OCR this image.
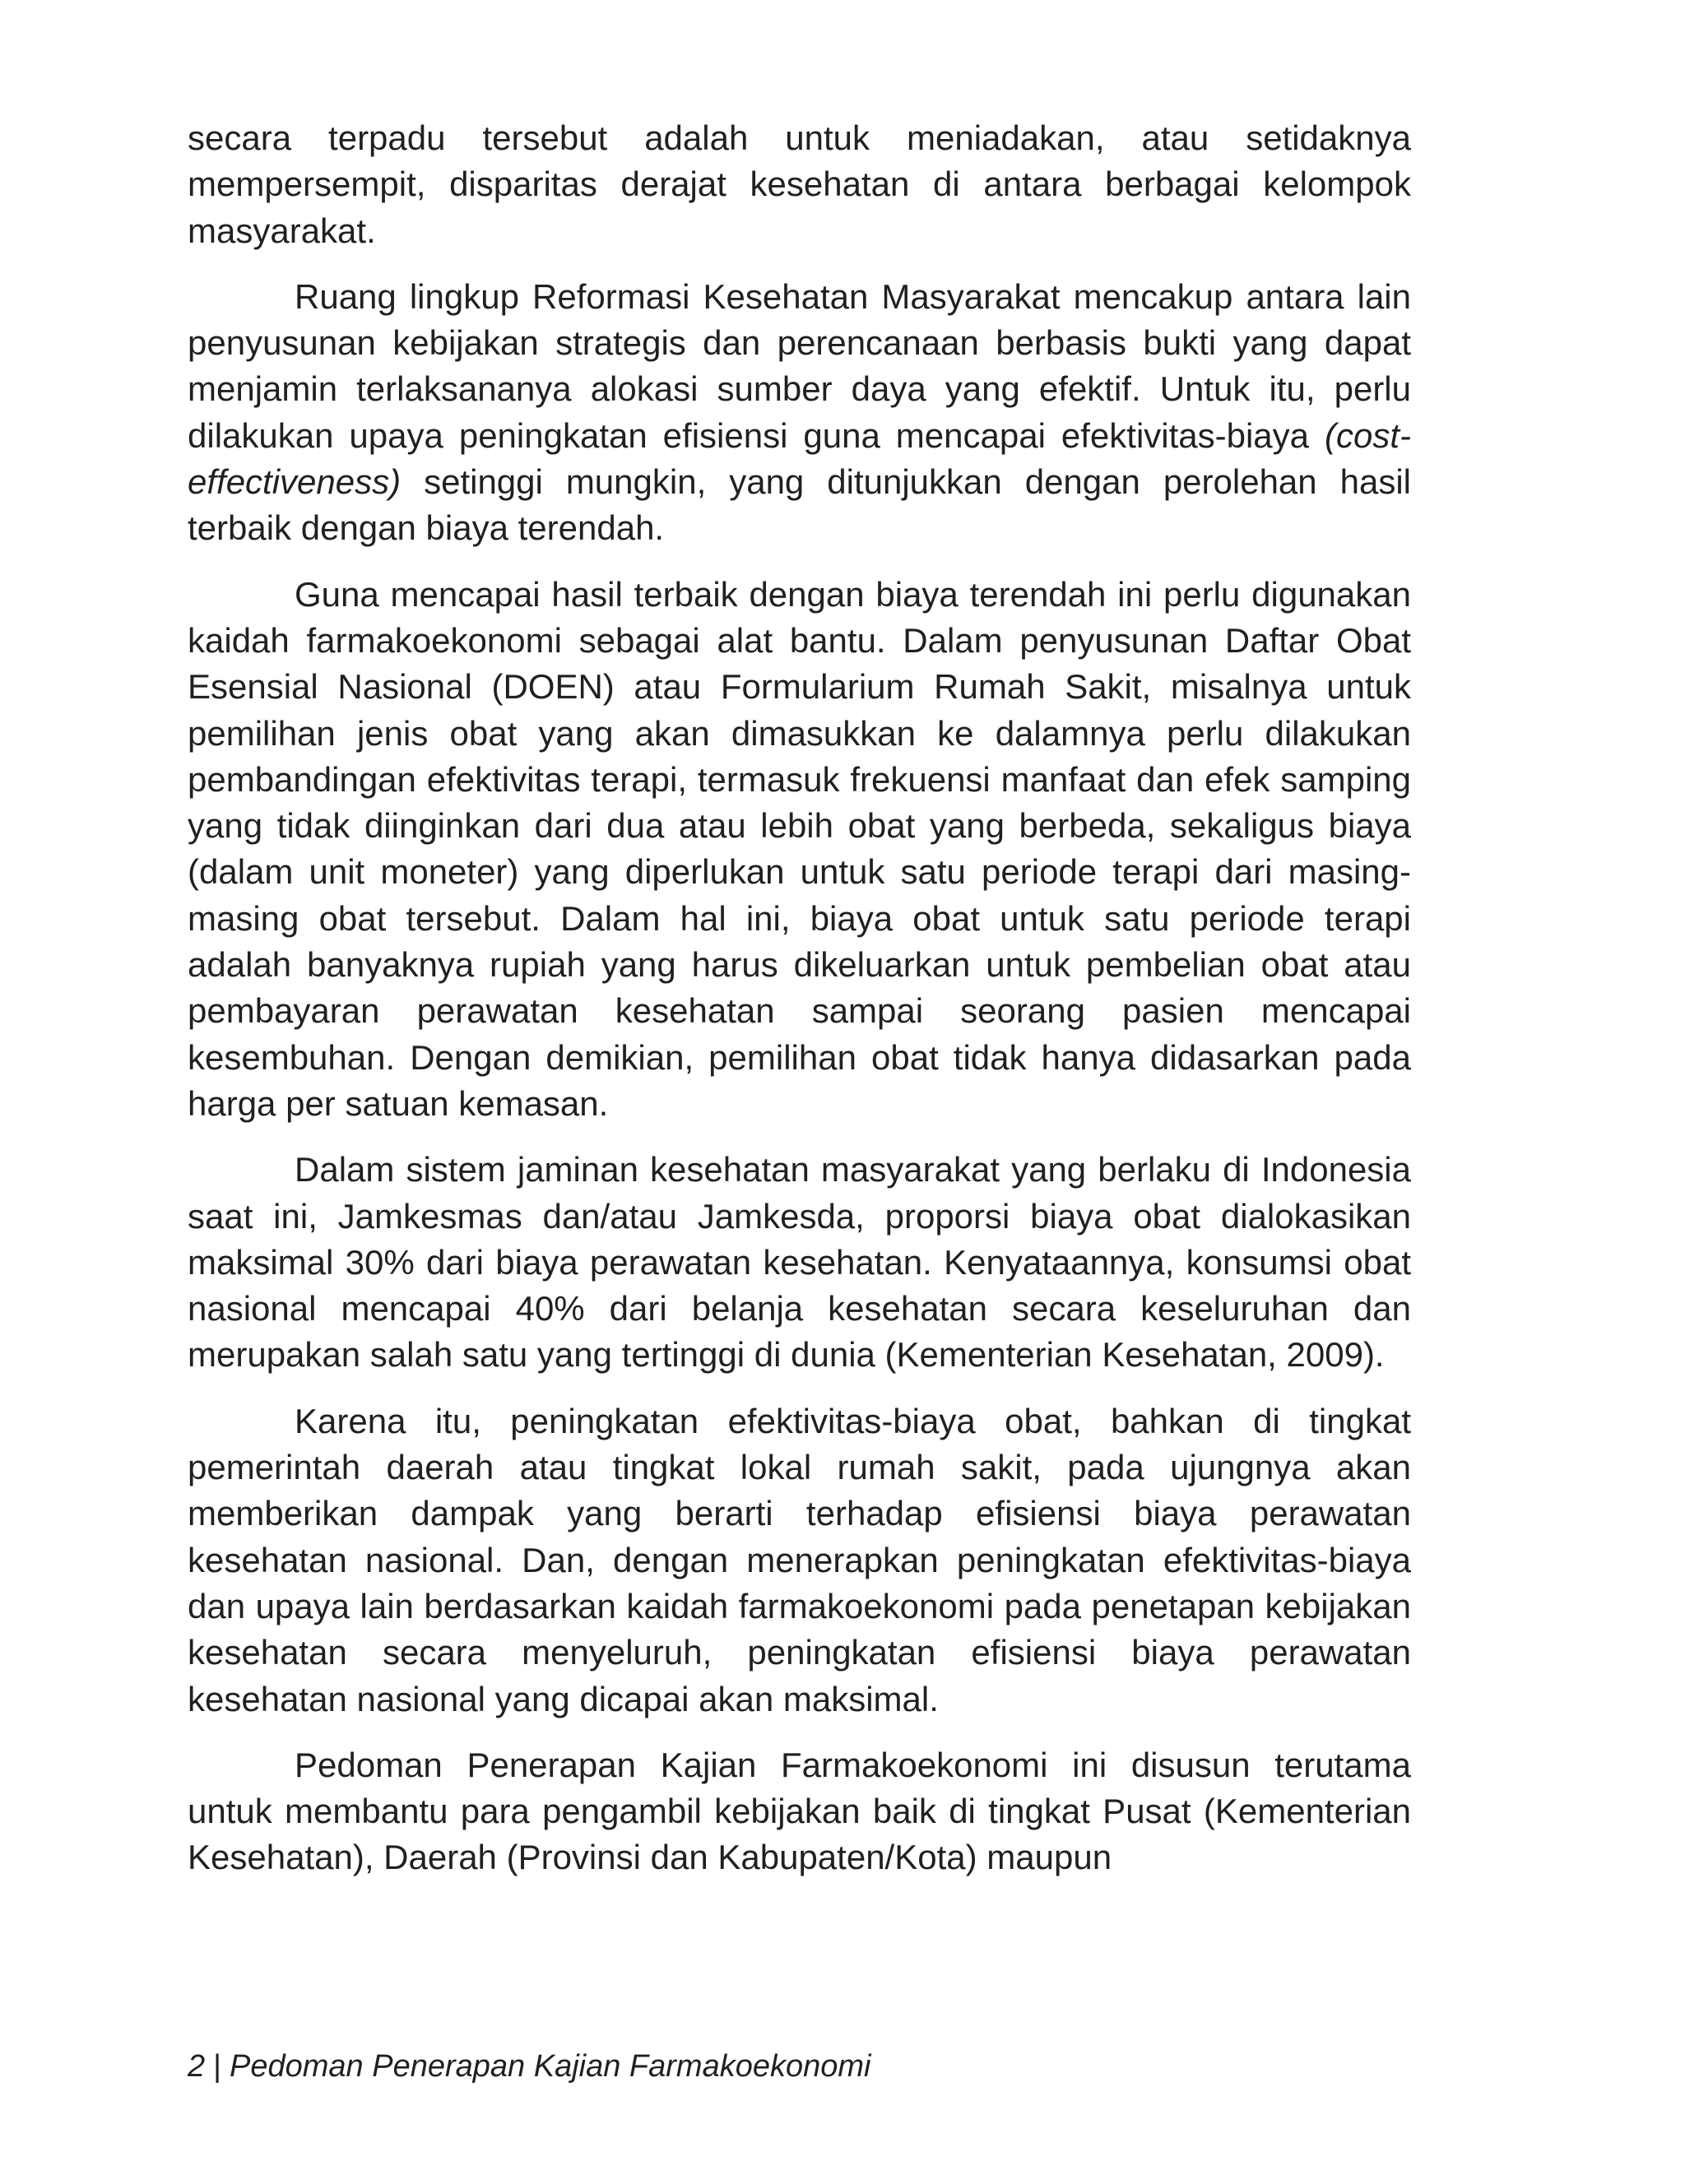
secara terpadu tersebut adalah untuk meniadakan, atau setidaknya mempersempit, disparitas derajat kesehatan di antara berbagai kelompok masyarakat.

Ruang lingkup Reformasi Kesehatan Masyarakat mencakup antara lain penyusunan kebijakan strategis dan perencanaan berbasis bukti yang dapat menjamin terlaksananya alokasi sumber daya yang efektif. Untuk itu, perlu dilakukan upaya peningkatan efisiensi guna mencapai efektivitas-biaya (cost-effectiveness) setinggi mungkin, yang ditunjukkan dengan perolehan hasil terbaik dengan biaya terendah.

Guna mencapai hasil terbaik dengan biaya terendah ini perlu digunakan kaidah farmakoekonomi sebagai alat bantu. Dalam penyusunan Daftar Obat Esensial Nasional (DOEN) atau Formularium Rumah Sakit, misalnya untuk pemilihan jenis obat yang akan dimasukkan ke dalamnya perlu dilakukan pembandingan efektivitas terapi, termasuk frekuensi manfaat dan efek samping yang tidak diinginkan dari dua atau lebih obat yang berbeda, sekaligus biaya (dalam unit moneter) yang diperlukan untuk satu periode terapi dari masing-masing obat tersebut. Dalam hal ini, biaya obat untuk satu periode terapi adalah banyaknya rupiah yang harus dikeluarkan untuk pembelian obat atau pembayaran perawatan kesehatan sampai seorang pasien mencapai kesembuhan. Dengan demikian, pemilihan obat tidak hanya didasarkan pada harga per satuan kemasan.

Dalam sistem jaminan kesehatan masyarakat yang berlaku di Indonesia saat ini, Jamkesmas dan/atau Jamkesda, proporsi biaya obat dialokasikan maksimal 30% dari biaya perawatan kesehatan. Kenyataannya, konsumsi obat nasional mencapai 40% dari belanja kesehatan secara keseluruhan dan merupakan salah satu yang tertinggi di dunia (Kementerian Kesehatan, 2009).

Karena itu, peningkatan efektivitas-biaya obat, bahkan di tingkat pemerintah daerah atau tingkat lokal rumah sakit, pada ujungnya akan memberikan dampak yang berarti terhadap efisiensi biaya perawatan kesehatan nasional. Dan, dengan menerapkan peningkatan efektivitas-biaya dan upaya lain berdasarkan kaidah farmakoekonomi pada penetapan kebijakan kesehatan secara menyeluruh, peningkatan efisiensi biaya perawatan kesehatan nasional yang dicapai akan maksimal.

Pedoman Penerapan Kajian Farmakoekonomi ini disusun terutama untuk membantu para pengambil kebijakan baik di tingkat Pusat (Kementerian Kesehatan), Daerah (Provinsi dan Kabupaten/Kota) maupun

2 | Pedoman Penerapan Kajian Farmakoekonomi
